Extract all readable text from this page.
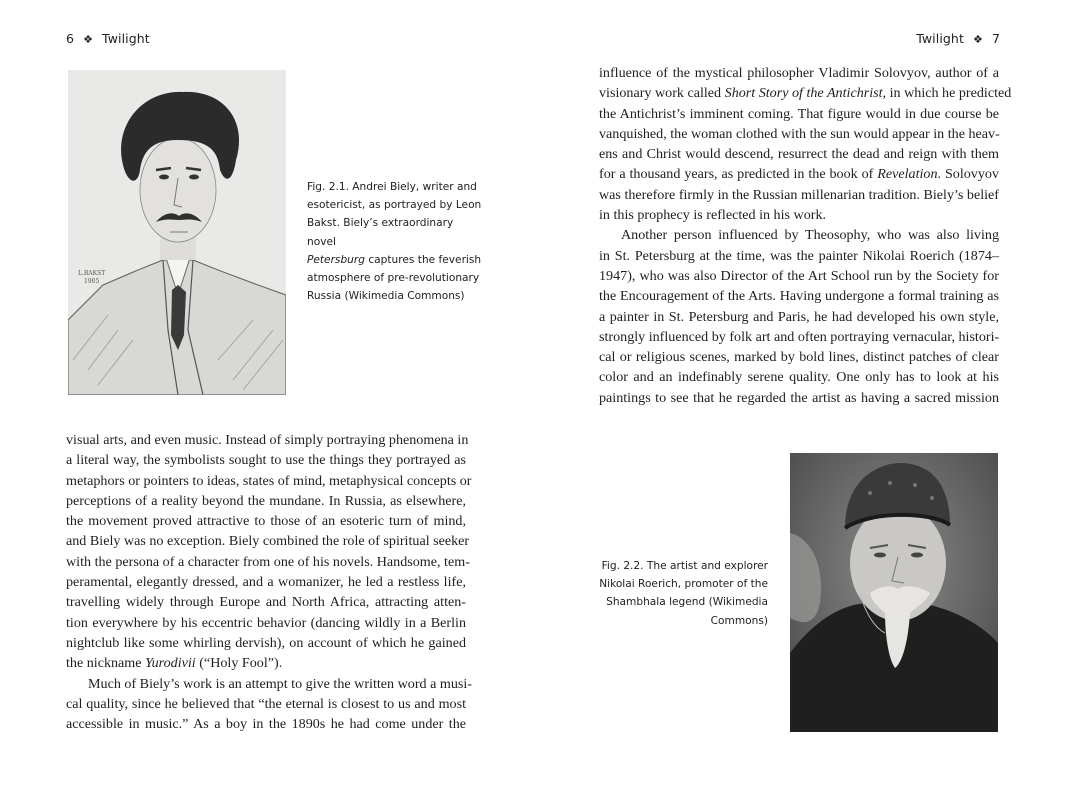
6 ❖ Twilight
L.BAKST
1905
Fig. 2.1. Andrei Biely, writer and
esotericist, as portrayed by Leon
Bakst. Biely’s extraordinary novel
Petersburg captures the feverish
atmosphere of pre-revolutionary
Russia (Wikimedia Commons)
visual arts, and even music. Instead of simply portraying phenomena in
a literal way, the symbolists sought to use the things they portrayed as
metaphors or pointers to ideas, states of mind, metaphysical concepts or
perceptions of a reality beyond the mundane. In Russia, as elsewhere,
the movement proved attractive to those of an esoteric turn of mind,
and Biely was no exception. Biely combined the role of spiritual seeker
with the persona of a character from one of his novels. Handsome, tem-
peramental, elegantly dressed, and a womanizer, he led a restless life,
travelling widely through Europe and North Africa, attracting atten-
tion everywhere by his eccentric behavior (dancing wildly in a Berlin
nightclub like some whirling dervish), on account of which he gained
the nickname Yurodivii (“Holy Fool”).
Much of Biely’s work is an attempt to give the written word a musi-
cal quality, since he believed that “the eternal is closest to us and most
accessible in music.” As a boy in the 1890s he had come under the
Twilight ❖ 7
influence of the mystical philosopher Vladimir Solovyov, author of a
visionary work called Short Story of the Antichrist, in which he predicted
the Antichrist’s imminent coming. That figure would in due course be
vanquished, the woman clothed with the sun would appear in the heav-
ens and Christ would descend, resurrect the dead and reign with them
for a thousand years, as predicted in the book of Revelation. Solovyov
was therefore firmly in the Russian millenarian tradition. Biely’s belief
in this prophecy is reflected in his work.
Another person influenced by Theosophy, who was also living
in St. Petersburg at the time, was the painter Nikolai Roerich (1874–
1947), who was also Director of the Art School run by the Society for
the Encouragement of the Arts. Having undergone a formal training as
a painter in St. Petersburg and Paris, he had developed his own style,
strongly influenced by folk art and often portraying vernacular, histori-
cal or religious scenes, marked by bold lines, distinct patches of clear
color and an indefinably serene quality. One only has to look at his
paintings to see that he regarded the artist as having a sacred mission
Fig. 2.2. The artist and explorer
Nikolai Roerich, promoter of the
Shambhala legend (Wikimedia
Commons)
